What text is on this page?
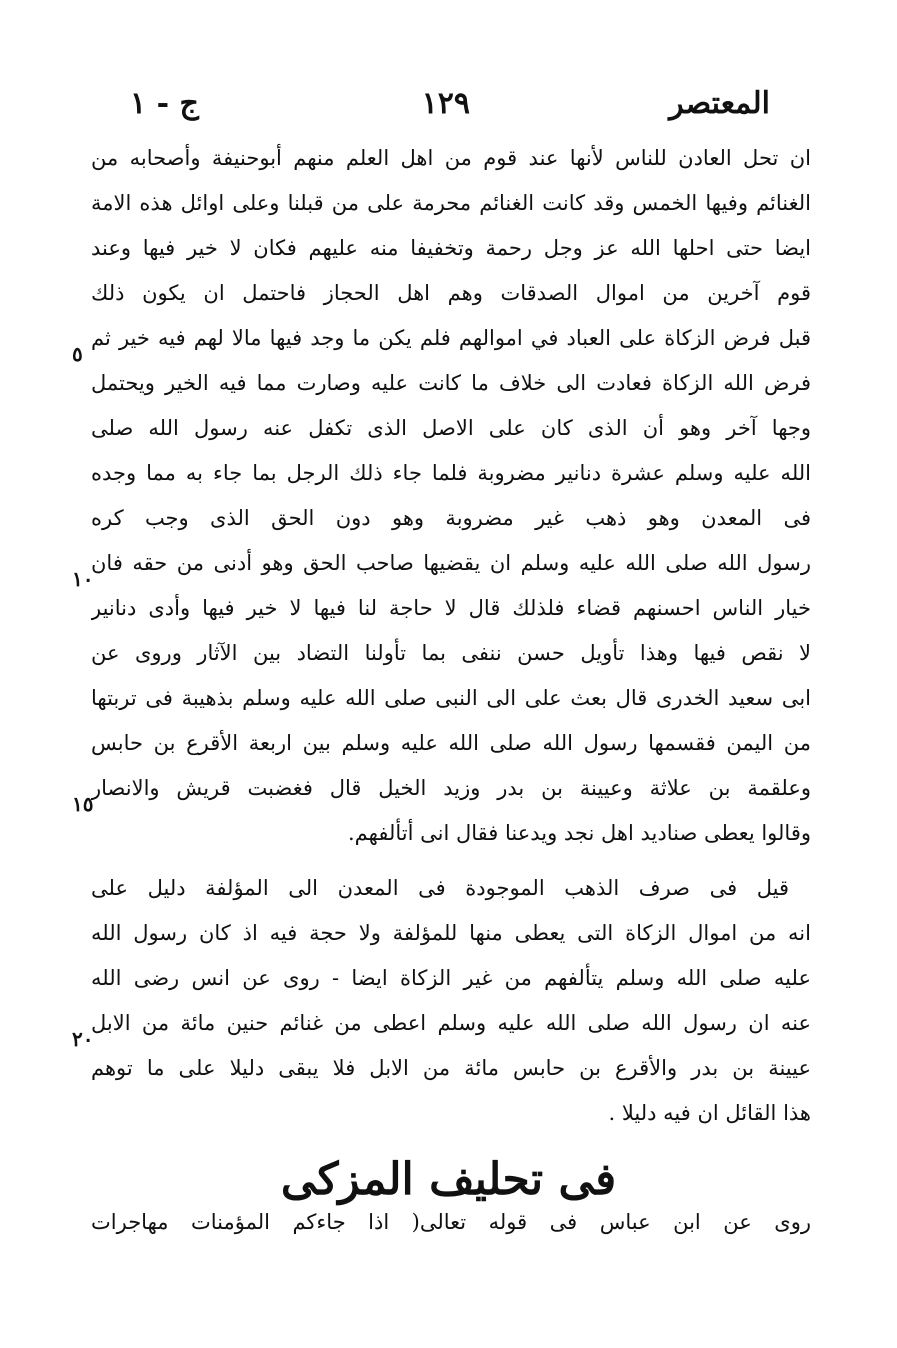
المعتصر
١٢٩
ج - ١
ان تحل العادن للناس لأنها عند قوم من اهل العلم منهم أبوحنيفة وأصحابه من
الغنائم وفيها الخمس وقد كانت الغنائم محرمة على من قبلنا وعلى اوائل هذه الامة
ايضا حتى احلها الله عز وجل رحمة وتخفيفا منه عليهم فكان لا خير فيها وعند
قوم آخرين من اموال الصدقات وهم اهل الحجاز فاحتمل ان يكون ذلك
قبل فرض الزكاة على العباد في اموالهم فلم يكن ما وجد فيها مالا لهم فيه خير ثم
فرض الله الزكاة فعادت الى خلاف ما كانت عليه وصارت مما فيه الخير ويحتمل
وجها آخر وهو أن الذى كان على الاصل الذى تكفل عنه رسول الله صلى
الله عليه وسلم عشرة دنانير مضروبة فلما جاء ذلك الرجل بما جاء به مما وجده
فى المعدن وهو ذهب غير مضروبة وهو دون الحق الذى وجب كره
رسول الله صلى الله عليه وسلم ان يقضيها صاحب الحق وهو أدنى من حقه فان
خيار الناس احسنهم قضاء فلذلك قال لا حاجة لنا فيها لا خير فيها وأدى دنانير
لا نقص فيها وهذا تأويل حسن ننفى بما تأولنا التضاد بين الآثار وروى عن
ابى سعيد الخدرى قال بعث على الى النبى صلى الله عليه وسلم بذهيبة فى تربتها
من اليمن فقسمها رسول الله صلى الله عليه وسلم بين اربعة الأقرع بن حابس
وعلقمة بن علاثة وعيينة بن بدر وزيد الخيل قال فغضبت قريش والانصار
وقالوا يعطى صناديد اهل نجد ويدعنا فقال انى أتألفهم.
قيل فى صرف الذهب الموجودة فى المعدن الى المؤلفة دليل على
انه من اموال الزكاة التى يعطى منها للمؤلفة ولا حجة فيه اذ كان رسول الله
عليه صلى الله وسلم يتألفهم من غير الزكاة ايضا - روى عن انس رضى الله
عنه ان رسول الله صلى الله عليه وسلم اعطى من غنائم حنين مائة من الابل
عيينة بن بدر والأقرع بن حابس مائة من الابل فلا يبقى دليلا على ما توهم
هذا القائل ان فيه دليلا .
فى تحليف المزكى
روى عن ابن عباس فى قوله تعالى( اذا جاءكم المؤمنات مهاجرات
٥
١٠
١٥
٢٠
